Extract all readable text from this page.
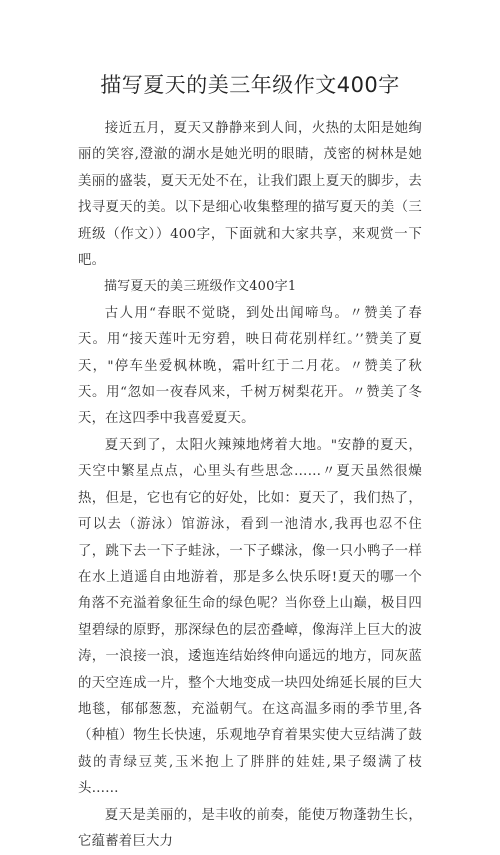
描写夏天的美三年级作文400字

接近五月，夏天又静静来到人间，火热的太阳是她绚丽的笑容,澄澈的湖水是她光明的眼睛，茂密的树林是她美丽的盛装，夏天无处不在，让我们跟上夏天的脚步，去找寻夏天的美。以下是细心收集整理的描写夏天的美（三班级（作文））400字，下面就和大家共享，来观赏一下吧。

描写夏天的美三班级作文400字1

古人用“春眠不觉晓，到处出闻啼鸟。〃赞美了春天。用“接天莲叶无穷碧，映日荷花别样红。’’赞美了夏天，"停车坐爱枫林晚，霜叶红于二月花。〃赞美了秋天。用“忽如一夜春风来，千树万树梨花开。〃赞美了冬天，在这四季中我喜爱夏天。

夏天到了，太阳火辣辣地烤着大地。"安静的夏天，天空中繁星点点，心里头有些思念……〃夏天虽然很燥热，但是，它也有它的好处，比如：夏天了，我们热了，可以去（游泳）馆游泳，看到一池清水,我再也忍不住了，跳下去一下子蛙泳，一下子蝶泳，像一只小鸭子一样在水上逍遥自由地游着，那是多么快乐呀!夏天的哪一个角落不充溢着象征生命的绿色呢？当你登上山巅，极目四望碧绿的原野，那深绿色的层峦叠嶂，像海洋上巨大的波涛，一浪接一浪，逶迤连结始终伸向遥远的地方，同灰蓝的天空连成一片，整个大地变成一块四处绵延长展的巨大地毯，郁郁葱葱，充溢朝气。在这高温多雨的季节里,各（种植）物生长快速，乐观地孕育着果实使大豆结满了鼓鼓的青绿豆荚,玉米抱上了胖胖的娃娃,果子缀满了枝头……

夏天是美丽的，是丰收的前奏，能使万物蓬勃生长，它蕴蓄着巨大力
